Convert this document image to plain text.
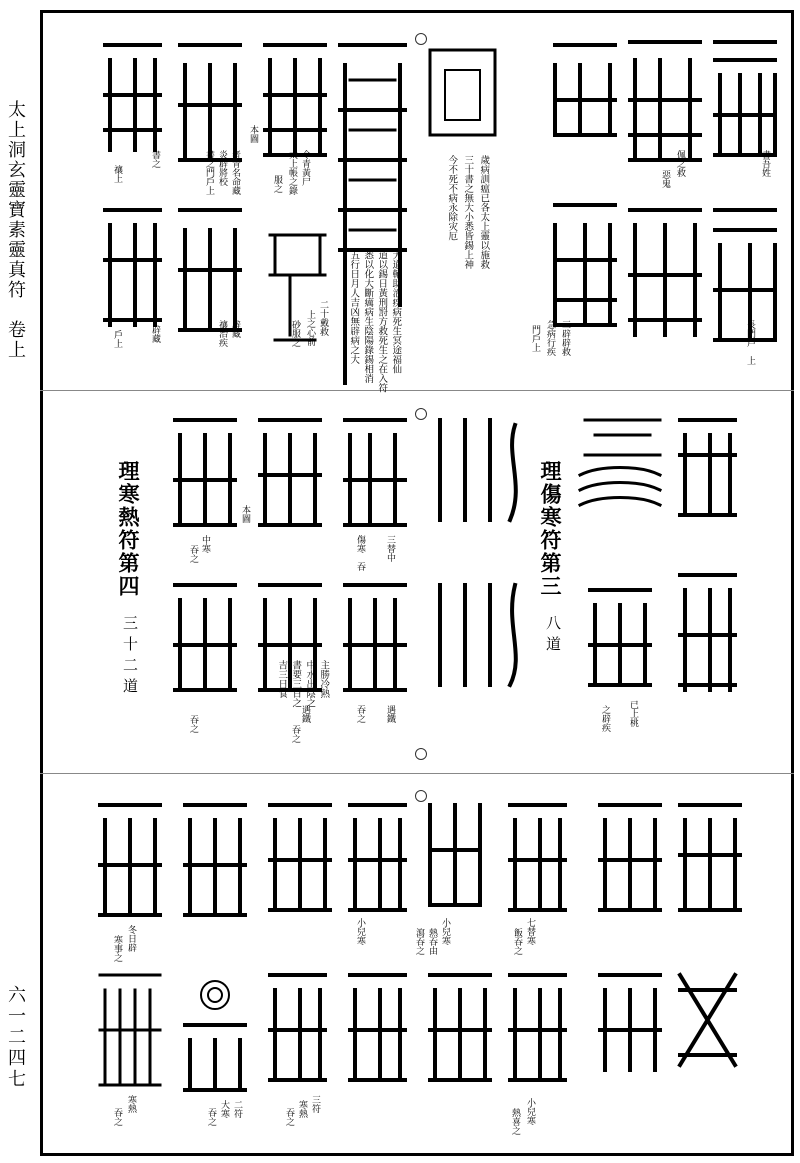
太上洞玄靈寶素靈真符　卷上
六一二四七
書吾姓
長門戶　上
佩之救
惡鬼
三辟辟救
急病行疾
門戶上
歲病訓瘟已各太上靈以施救
三十書之無大小悉皆錫上神
今不死不病永除灾厄
大道輔助治疾病死生冥途福仙
道以錫日黃刑罸方救死生之在入符
悉以化大斷癘病生陰陽錄錫相消
五行日月人吉凶無辟病之大
二十戴救
上之心前
砂服之
令青黃尸
太上帳之錄
服之
者青名命藏
炎辟將校
書之門戶上
辟藏
禳治疾
書之
辟藏
禳上
戶上
本圖
理傷寒符第三
八道
理寒熱符第四
三十二道
已上桃
之辟疾
遇鐵
吞之
三替中
傷寒　吞
遇鐵
吞之
主勝冷熱
中水出陰之
書要三日之
吉三日食
中寒
吞之
吞之
本圖
七替寒
飯吞之
小兒寒
熱吞由
瀉吞之
小兒寒
寒事之 冬日辟
小兒寒
熱喜之
三符
寒熱
吞之
二符
大寒
吞之
寒熱
吞之
